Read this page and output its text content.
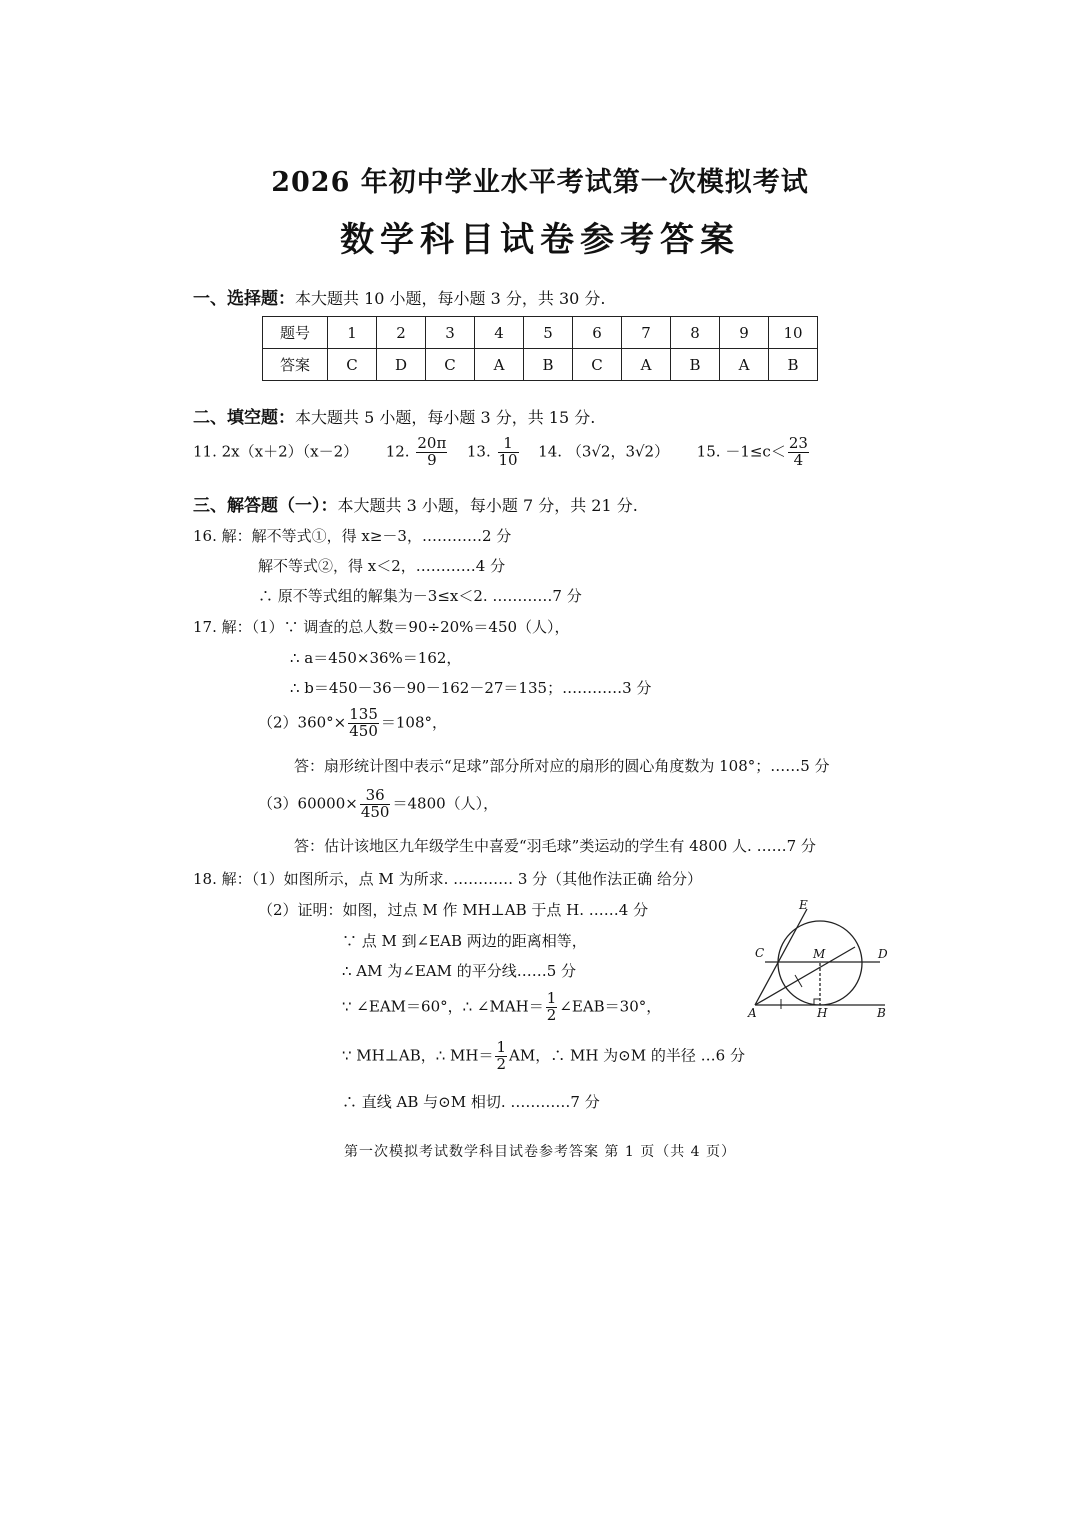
2026 年初中学业水平考试第一次模拟考试
数学科目试卷参考答案
一、选择题：本大题共 10 小题，每小题 3 分，共 30 分.
题号	1	2	3	4	5	6	7	8	9	10
答案	C	D	C	A	B	C	A	B	A	B
二、填空题：本大题共 5 小题，每小题 3 分，共 15 分.
11. 2x（x＋2）（x－2） 12. $\frac{20\pi}{9} 13$. $\frac{1}{10} 14$. （3√2，3√2） 15. $-1\le c< \frac{23}{4}$
三、解答题（一）：本大题共 3 小题，每小题 7 分，共 21 分.
16. 解：解不等式①，得 x≥－3，…………2 分
解不等式②，得 x＜2，…………4 分
∴ 原不等式组的解集为－3≤x＜2. …………7 分
17. 解：（1）∵ 调查的总人数＝90÷20%＝450（人），
∴ a＝450×36%＝162，
∴ b＝450－36－90－162－27＝135；…………3 分
$(2)360^\circ\times \frac{135}{450} =108^\circ$，
答：扇形统计图中表示“足球”部分所对应的扇形的圆心角度数为 108°；……5 分
$(3)60000\times \frac{36}{450} =4800$（人），
答：估计该地区九年级学生中喜爱“羽毛球”类运动的学生有 4800 人. ……7 分
18. 解：（1）如图所示，点 M 为所求. ………… 3 分（其他作法正确 给分）
（2）证明：如图，过点 M 作 MH⊥AB 于点 H. ……4 分
∵ 点 M 到∠EAB 两边的距离相等，
∴ AM 为∠EAM 的平分线……5 分
∵ ∠EAM＝60°，∴ ∠MAH＝ $\frac{1}{2}$ ∠EAB＝30°，
∵ MH⊥AB，∴ $MH= \frac{1}{2}$ AM，∴ MH 为⊙M 的半径 …6 分
∴ 直线 AB 与⊙M 相切. …………7 分
E
C	M	D
A	H	B
第一次模拟考试数学科目试卷参考答案 第 1 页（共 4 页）
